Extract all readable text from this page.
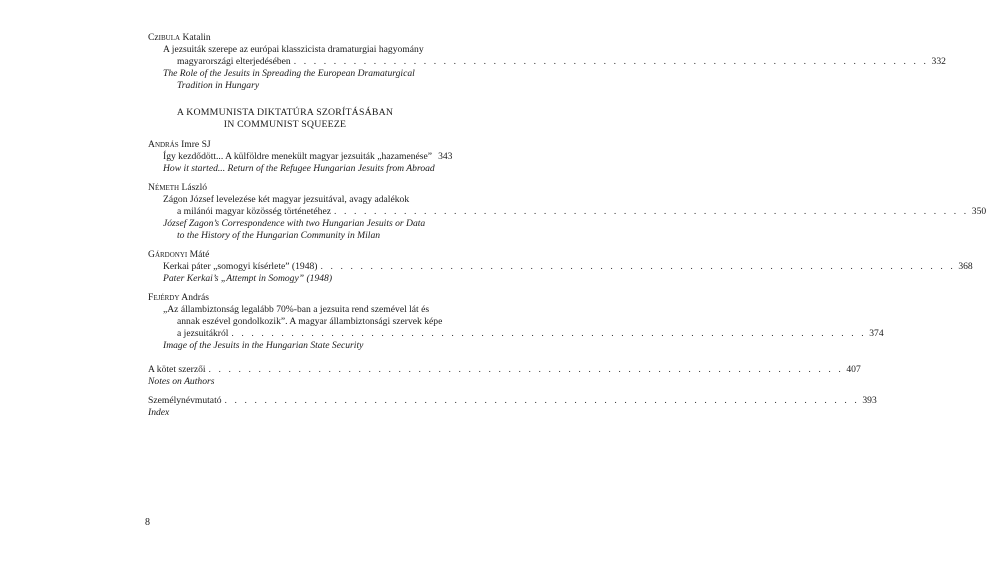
Czibula Katalin
A jezsuiták szerepe az európai klasszicista dramaturgiai hagyomány
magyarországi elterjedésében . . . . . . . . . . . . . . . . . . . . . . . . . . . . . . . . . . . . . . . . . . . . . . . . . . . . . . . . . . . . . . . . 332
The Role of the Jesuits in Spreading the European Dramaturgical
Tradition in Hungary
A KOMMUNISTA DIKTATÚRA SZORÍTÁSÁBAN
IN COMMUNIST SQUEEZE
András Imre SJ
Így kezdődött... A külföldre menekült magyar jezsuiták „hazamenése” 343
How it started... Return of the Refugee Hungarian Jesuits from Abroad
Németh László
Zágon József levelezése két magyar jezsuitával, avagy adalékok
a milánói magyar közösség történetéhez . . . . . . . . . . . . . . . . . . . . . . . . . . . . . . . . . . . . . . . . . . . . . . . . . . . . . . . . . . . . . . . . 350
József Zagon’s Correspondence with two Hungarian Jesuits or Data
to the History of the Hungarian Community in Milan
Gárdonyi Máté
Kerkai páter „somogyi kísérlete” (1948) . . . . . . . . . . . . . . . . . . . . . . . . . . . . . . . . . . . . . . . . . . . . . . . . . . . . . . . . . . . . . . . . 368
Pater Kerkai’s „Attempt in Somogy” (1948)
Fejérdy András
„Az állambiztonság legalább 70%-ban a jezsuita rend szemével lát és
annak eszével gondolkozik”. A magyar állambiztonsági szervek képe
a jezsuitákról . . . . . . . . . . . . . . . . . . . . . . . . . . . . . . . . . . . . . . . . . . . . . . . . . . . . . . . . . . . . . . . . 374
Image of the Jesuits in the Hungarian State Security
A kötet szerzői . . . . . . . . . . . . . . . . . . . . . . . . . . . . . . . . . . . . . . . . . . . . . . . . . . . . . . . . . . . . . . . . 407
Notes on Authors
Személynévmutató . . . . . . . . . . . . . . . . . . . . . . . . . . . . . . . . . . . . . . . . . . . . . . . . . . . . . . . . . . . . . . . . 393
Index
8
